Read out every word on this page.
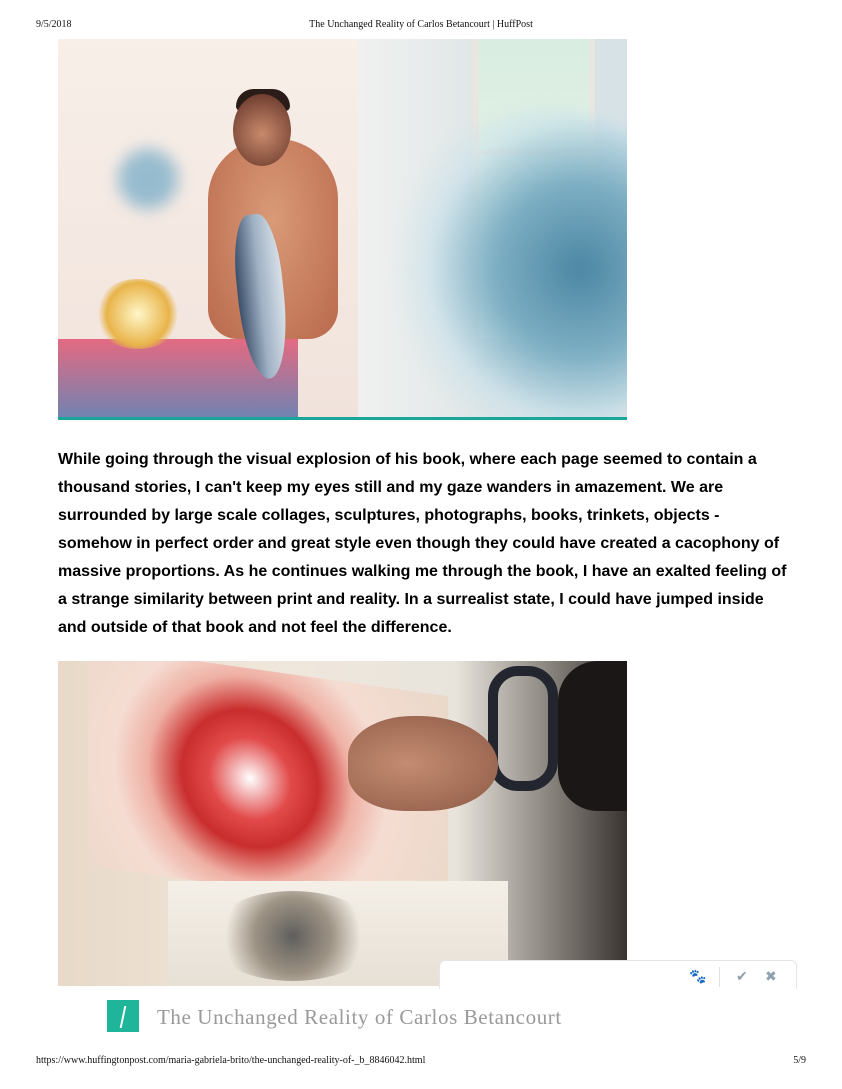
9/5/2018	The Unchanged Reality of Carlos Betancourt | HuffPost

While going through the visual explosion of his book, where each page seemed to contain a thousand stories, I can't keep my eyes still and my gaze wanders in amazement. We are surrounded by large scale collages, sculptures, photographs, books, trinkets, objects - somehow in perfect order and great style even though they could have created a cacophony of massive proportions. As he continues walking me through the book, I have an exalted feeling of a strange similarity between print and reality. In a surrealist state, I could have jumped inside and outside of that book and not feel the difference.

🐾 ✔ ✖
The Unchanged Reality of Carlos Betancourt
https://www.huffingtonpost.com/maria-gabriela-brito/the-unchanged-reality-of-_b_8846042.html	5/9
